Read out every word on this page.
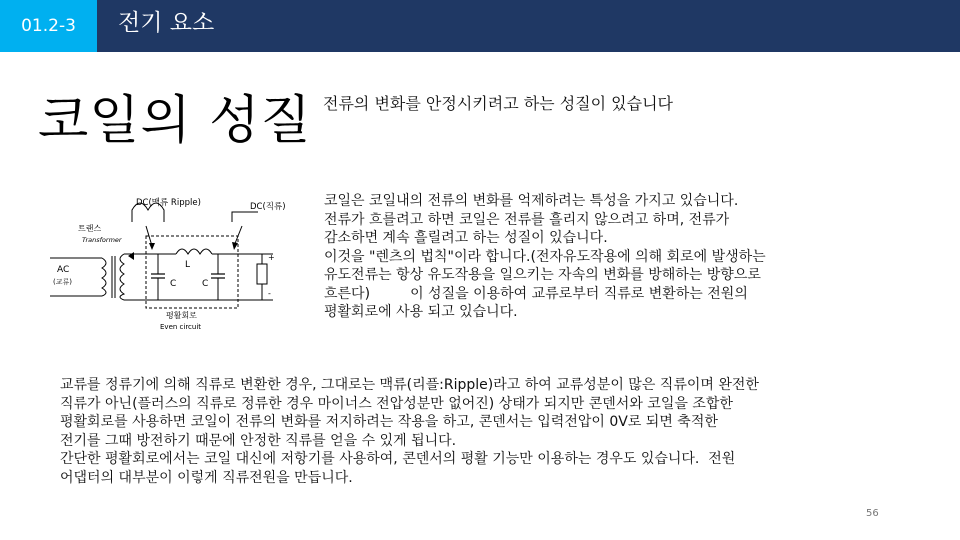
01.2-3	전기 요소
코일의 성질 전류의 변화를 안정시키려고 하는 성질이 있습니다
DC(맥류 Ripple)	DC(직류)
트랜스
Transformer
AC
(교류)
L
C	C
+
-
평활회로
Even circuit
코일은 코일내의 전류의 변화를 억제하려는 특성을 가지고 있습니다.
전류가 흐를려고 하면 코일은 전류를 흘리지 않으려고 하며, 전류가
감소하면 계속 흘릴려고 하는 성질이 있습니다.
이것을 "렌츠의 법칙"이라 합니다.(전자유도작용에 의해 회로에 발생하는
유도전류는 항상 유도작용을 일으키는 자속의 변화를 방해하는 방향으로
흐른다)         이 성질을 이용하여 교류로부터 직류로 변환하는 전원의
평활회로에 사용 되고 있습니다.
교류를 정류기에 의해 직류로 변환한 경우, 그대로는 맥류(리플:Ripple)라고 하여 교류성분이 많은 직류이며 완전한
직류가 아닌(플러스의 직류로 정류한 경우 마이너스 전압성분만 없어진) 상태가 되지만 콘덴서와 코일을 조합한
평활회로를 사용하면 코일이 전류의 변화를 저지하려는 작용을 하고, 콘덴서는 입력전압이 0V로 되면 축적한
전기를 그때 방전하기 때문에 안정한 직류를 얻을 수 있게 됩니다.
간단한 평활회로에서는 코일 대신에 저항기를 사용하여, 콘덴서의 평활 기능만 이용하는 경우도 있습니다.  전원
어댑터의 대부분이 이렇게 직류전원을 만듭니다.
56
